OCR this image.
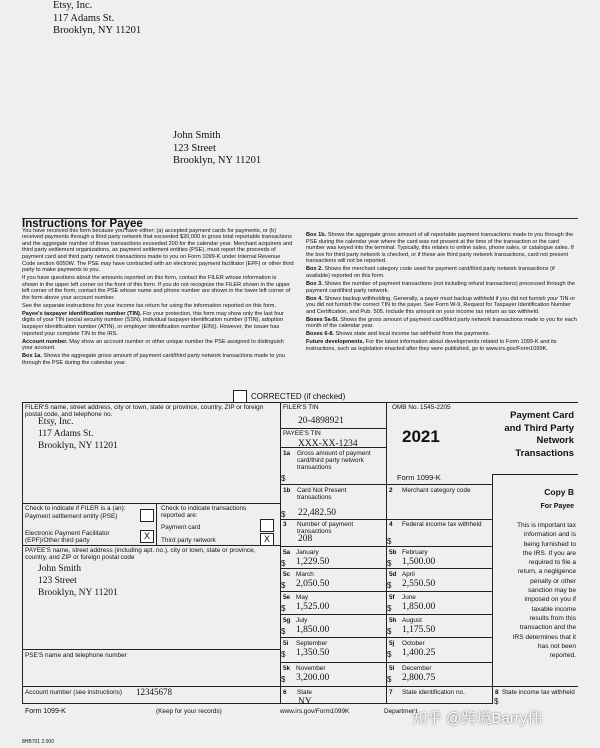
Etsy, Inc.
117 Adams St.
Brooklyn, NY 11201
John Smith
123 Street
Brooklyn, NY 11201
Instructions for Payee

You have received this form because you have either: (a) accepted payment cards for payments, or (b) received payments through a third party network that exceeded $20,000 in gross total reportable transactions and the aggregate number of those transactions exceeded 200 for the calendar year. Merchant acquirers and third party settlement organizations, as payment settlement entities (PSE), must report the proceeds of payment card and third party network transactions made to you on Form 1099-K under Internal Revenue Code section 6050W. The PSE may have contracted with an electronic payment facilitator (EPF) or other third party to make payments to you.

If you have questions about the amounts reported on this form, contact the FILER whose information is shown in the upper left corner on the front of this form. If you do not recognize the FILER shown in the upper left corner of the form, contact the PSE whose name and phone number are shown in the lower left corner of the form above your account number.

See the separate instructions for your income tax return for using the information reported on this form.

Payee's taxpayer identification number (TIN). For your protection, this form may show only the last four digits of your TIN (social security number (SSN), individual taxpayer identification number (ITIN), adoption taxpayer identification number (ATIN), or employer identification number (EIN)). However, the issuer has reported your complete TIN to the IRS.

Account number. May show an account number or other unique number the PSE assigned to distinguish your account.

Box 1a. Shows the aggregate gross amount of payment card/third party network transactions made to you through the PSE during the calendar year.

Box 1b. Shows the aggregate gross amount of all reportable payment transactions made to you through the PSE during the calendar year where the card was not present at the time of the transaction or the card number was keyed into the terminal. Typically, this relates to online sales, phone sales, or catalogue sales. If the box for third party network is checked, or if these are third party network transactions, card not present transactions will not be reported.

Box 2. Shows the merchant category code used for payment card/third party network transactions (if available) reported on this form.

Box 3. Shows the number of payment transactions (not including refund transactions) processed through the payment card/third party network.

Box 4. Shows backup withholding. Generally, a payer must backup withhold if you did not furnish your TIN or you did not furnish the correct TIN to the payer. See Form W-9, Request for Taxpayer Identification Number and Certification, and Pub. 505. Include this amount on your income tax return as tax withheld.

Boxes 5a-5l. Shows the gross amount of payment card/third party network transactions made to you for each month of the calendar year.

Boxes 6-8. Shows state and local income tax withheld from the payments.

Future developments. For the latest information about developments related to Form 1099-K and its instructions, such as legislation enacted after they were published, go to www.irs.gov/Form1099K.

CORRECTED (if checked)
FILER'S name, street address, city or town, state or province, country, ZIP or foreign postal code, and telephone no.
Etsy, Inc.
117 Adams St.
Brooklyn, NY 11201
FILER'S TIN
20-4898921
PAYEE'S TIN
XXX-XX-1234
1a Gross amount of payment card/third party network transactions
$
OMB No. 1545-2205
2021
Form 1099-K
Payment Card
and Third Party
Network
Transactions
1b Card Not Present transactions
$ 22,482.50
2 Merchant category code	Copy B
For Payee
This is important tax
information and is
being furnished to
the IRS. If you are
required to file a
return, a negligence
penalty or other
sanction may be
imposed on you if
taxable income
results from this
transaction and the
IRS determines that it
has not been
reported.
Check to indicate if FILER is a (an):
Payment settlement entity (PSE)
Electronic Payment Facilitator (EPF)/Other third party	X
Check to indicate transactions reported are:
Payment card
Third party network	X
3 Number of payment transactions
208
4 Federal income tax withheld
$
PAYEE'S name, street address (including apt. no.), city or town, state or province, country, and ZIP or foreign postal code
John Smith
123 Street
Brooklyn, NY 11201
PSE'S name and telephone number
Account number (see instructions) 12345678	6 State
NY
7 State identification no.	8 State income tax withheld
$
Form 1099-K	(Keep for your records)	www.irs.gov/Form1099K	Department
5a January
$ 1,229.50
5b February
$ 1,500.00
5c March
$ 2,050.50
5d April
$ 2,550.50
5e May
$ 1,525.00
5f June
$ 1,850.00
5g July
$ 1,850.00
5h August
$ 1,175.50
5i September
$ 1,350.50
5j October
$ 1,400.25
5k November
$ 3,200.00
5l December
$ 2,800.75
8HB701 2.000
知乎 @跨境Barry伟
